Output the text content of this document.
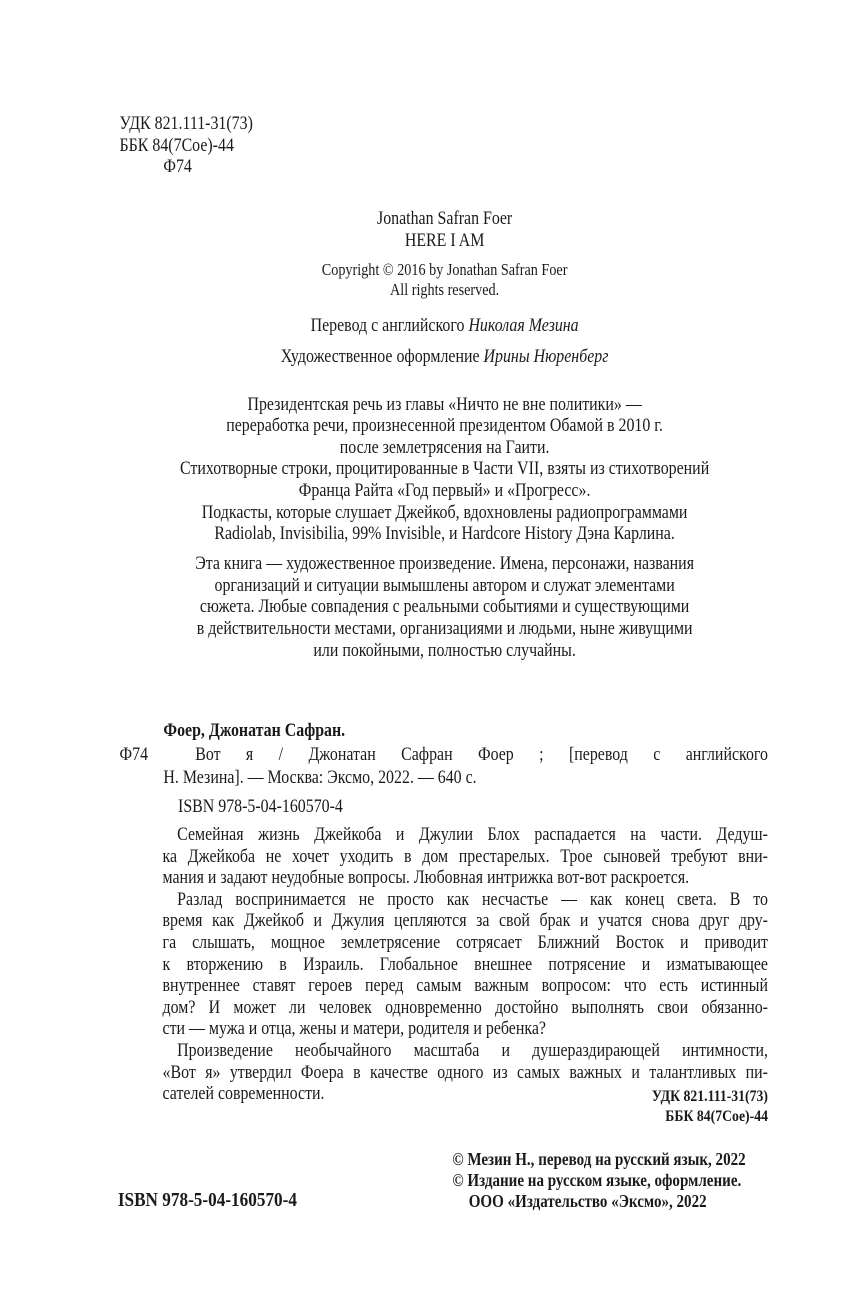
УДК 821.111-31(73)
ББК 84(7Сое)-44
Ф74
Jonathan Safran Foer
HERE I AM
Copyright © 2016 by Jonathan Safran Foer
All rights reserved.
Перевод с английского Николая Мезина
Художественное оформление Ирины Нюренберг
Президентская речь из главы «Ничто не вне политики» —
переработка речи, произнесенной президентом Обамой в 2010 г.
после землетрясения на Гаити.
Стихотворные строки, процитированные в Части VII, взяты из стихотворений
Франца Райта «Год первый» и «Прогресс».
Подкасты, которые слушает Джейкоб, вдохновлены радиопрограммами
Radiolab, Invisibilia, 99% Invisible, и Hardcore History Дэна Карлина.
Эта книга — художественное произведение. Имена, персонажи, названия
организаций и ситуации вымышлены автором и служат элементами
сюжета. Любые совпадения с реальными событиями и существующими
в действительности местами, организациями и людьми, ныне живущими
или покойными, полностью случайны.
Фоер, Джонатан Сафран.
Ф74	Вот я / Джонатан Сафран Фоер ; [перевод с английского
Н. Мезина]. — Москва: Эксмо, 2022. — 640 с.
ISBN 978-5-04-160570-4
Семейная жизнь Джейкоба и Джулии Блох распадается на части. Дедуш-
ка Джейкоба не хочет уходить в дом престарелых. Трое сыновей требуют вни-
мания и задают неудобные вопросы. Любовная интрижка вот-вот раскроется.
Разлад воспринимается не просто как несчастье — как конец света. В то
время как Джейкоб и Джулия цепляются за свой брак и учатся снова друг дру-
га слышать, мощное землетрясение сотрясает Ближний Восток и приводит
к вторжению в Израиль. Глобальное внешнее потрясение и изматывающее
внутреннее ставят героев перед самым важным вопросом: что есть истинный
дом? И может ли человек одновременно достойно выполнять свои обязанно-
сти — мужа и отца, жены и матери, родителя и ребенка?
Произведение необычайного масштаба и душераздирающей интимности,
«Вот я» утвердил Фоера в качестве одного из самых важных и талантливых пи-
сателей современности.	УДК 821.111-31(73)
ББК 84(7Сое)-44
© Мезин Н., перевод на русский язык, 2022
© Издание на русском языке, оформление.
ООО «Издательство «Эксмо», 2022
ISBN 978-5-04-160570-4
